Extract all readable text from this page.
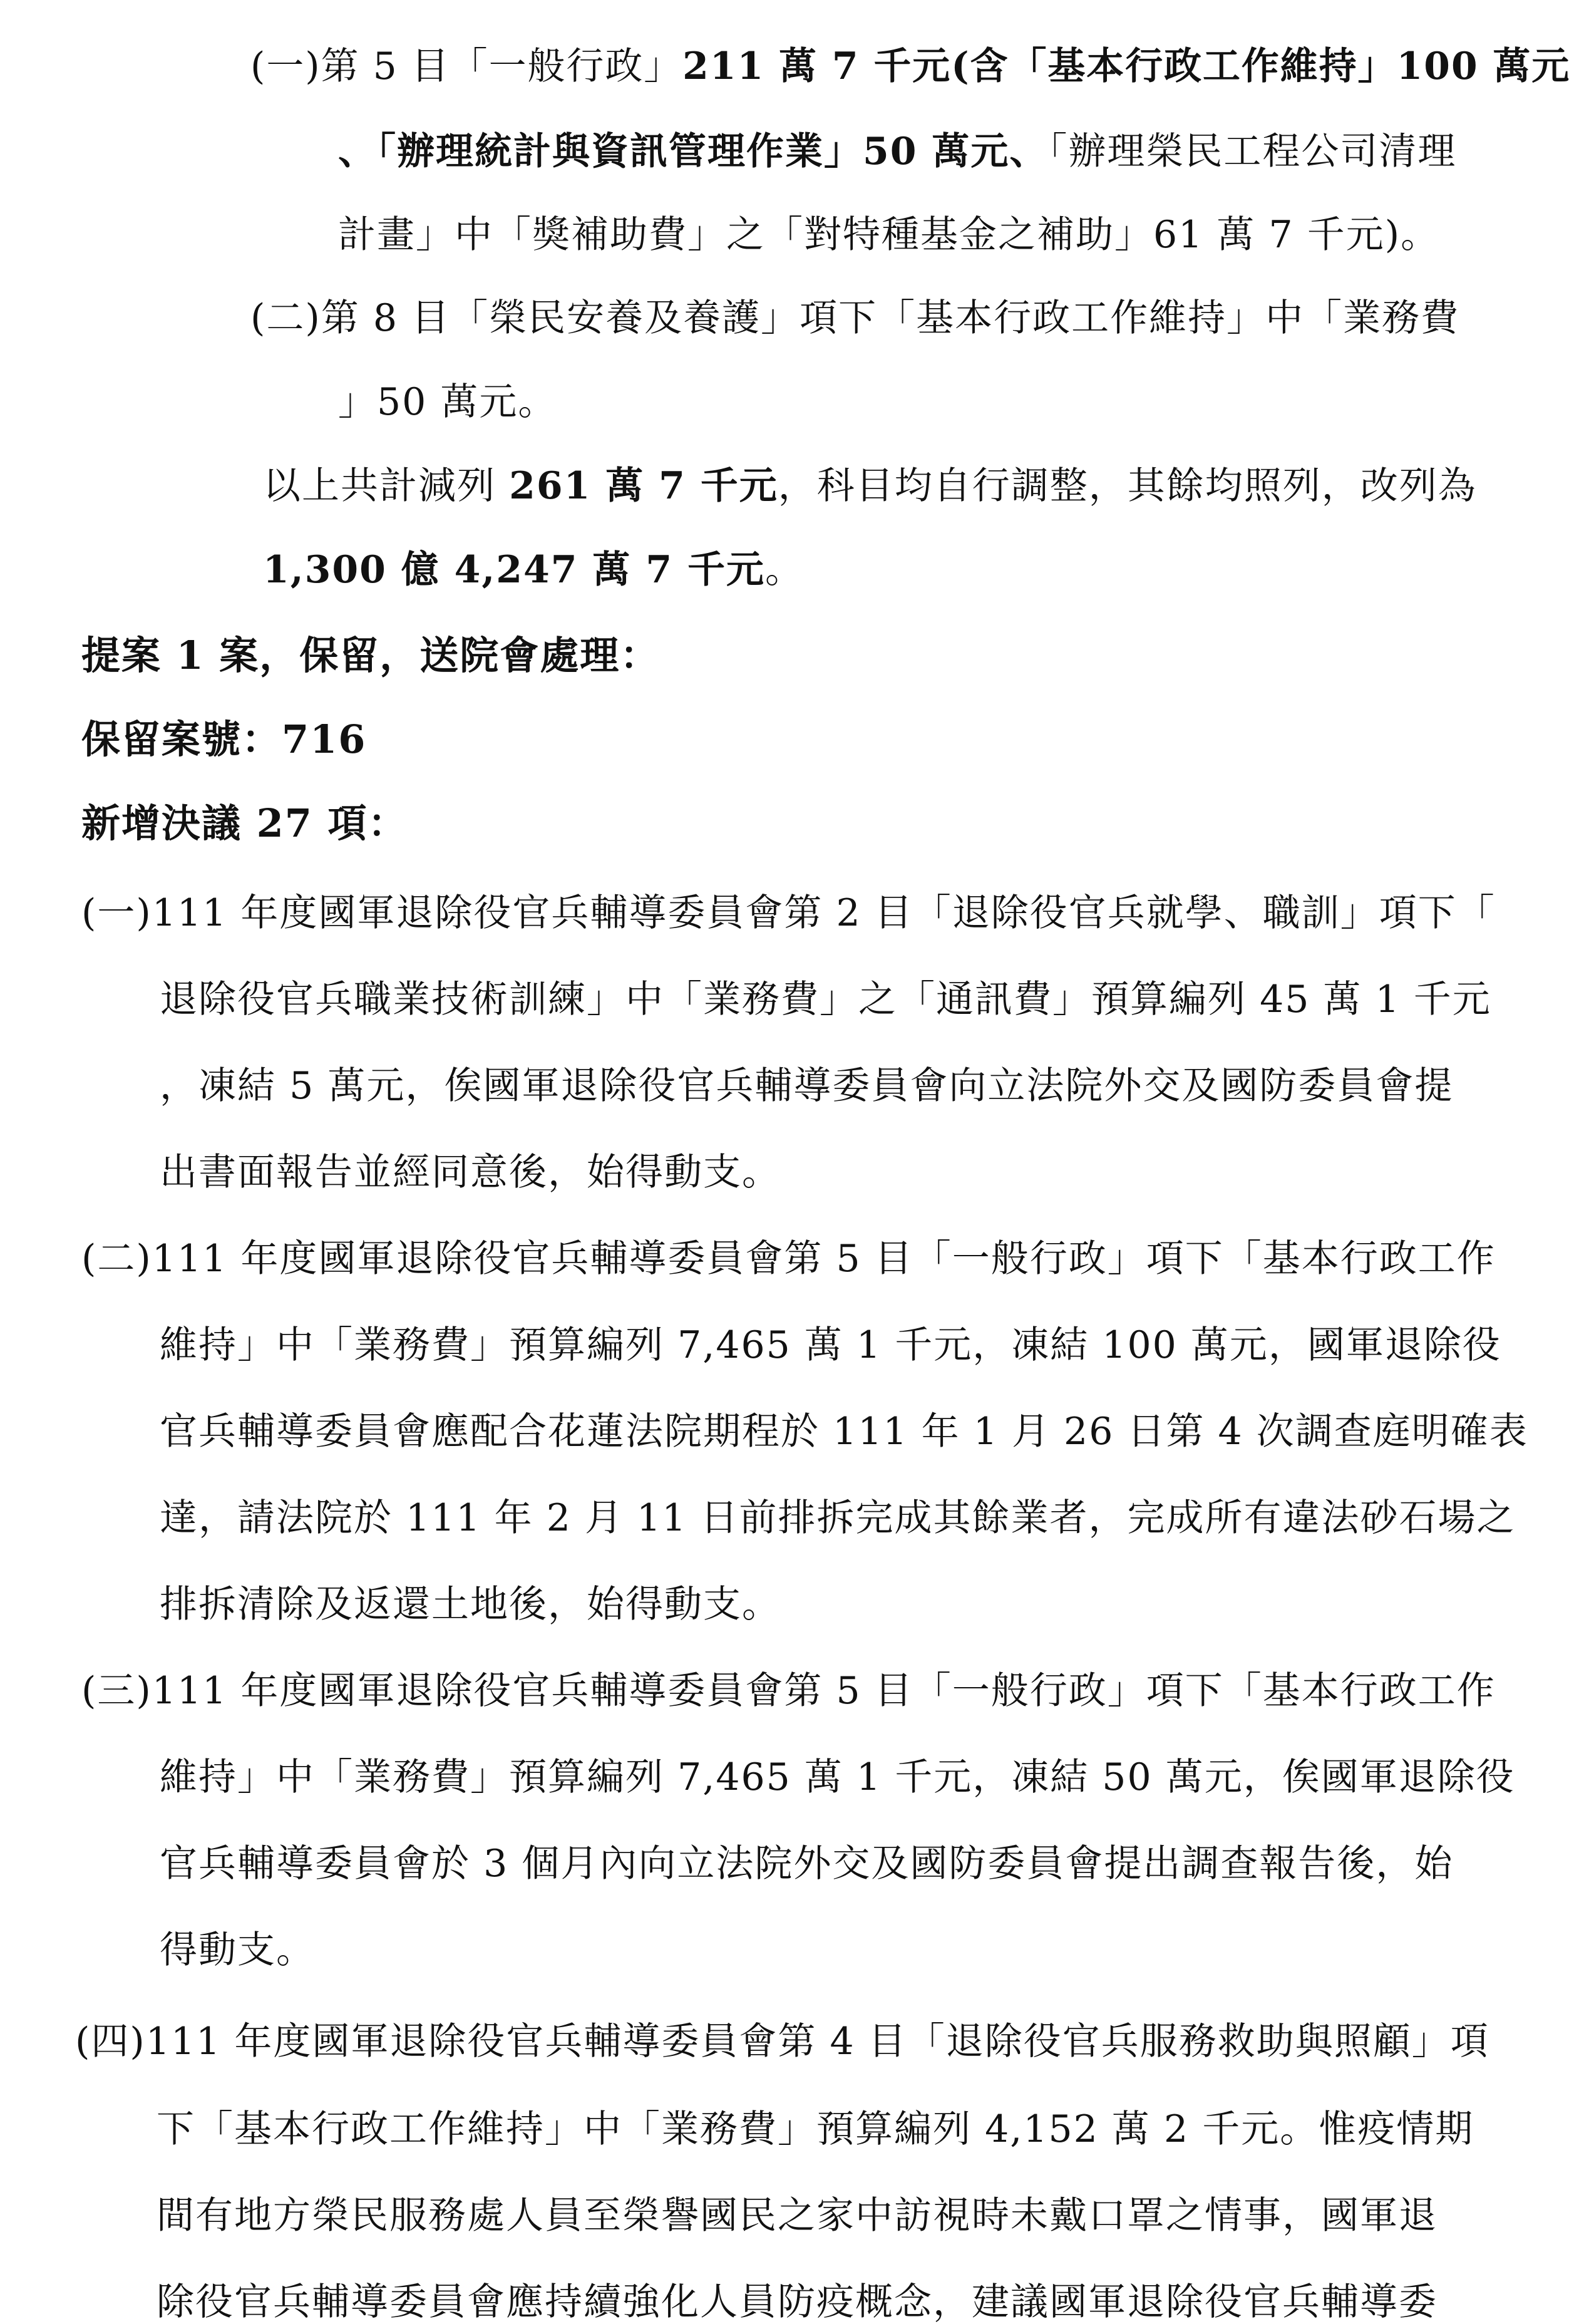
(一)第 5 目「一般行政」211 萬 7 千元(含「基本行政工作維持」100 萬元
、「辦理統計與資訊管理作業」50 萬元、「辦理榮民工程公司清理
計畫」中「獎補助費」之「對特種基金之補助」61 萬 7 千元)。
(二)第 8 目「榮民安養及養護」項下「基本行政工作維持」中「業務費
」50 萬元。
以上共計減列 261 萬 7 千元，科目均自行調整，其餘均照列，改列為
1,300 億 4,247 萬 7 千元。
提案 1 案，保留，送院會處理：
保留案號：716
新增決議 27 項：
(一)111 年度國軍退除役官兵輔導委員會第 2 目「退除役官兵就學、職訓」項下「
退除役官兵職業技術訓練」中「業務費」之「通訊費」預算編列 45 萬 1 千元
，凍結 5 萬元，俟國軍退除役官兵輔導委員會向立法院外交及國防委員會提
出書面報告並經同意後，始得動支。
(二)111 年度國軍退除役官兵輔導委員會第 5 目「一般行政」項下「基本行政工作
維持」中「業務費」預算編列 7,465 萬 1 千元，凍結 100 萬元，國軍退除役
官兵輔導委員會應配合花蓮法院期程於 111 年 1 月 26 日第 4 次調查庭明確表
達，請法院於 111 年 2 月 11 日前排拆完成其餘業者，完成所有違法砂石場之
排拆清除及返還土地後，始得動支。
(三)111 年度國軍退除役官兵輔導委員會第 5 目「一般行政」項下「基本行政工作
維持」中「業務費」預算編列 7,465 萬 1 千元，凍結 50 萬元，俟國軍退除役
官兵輔導委員會於 3 個月內向立法院外交及國防委員會提出調查報告後，始
得動支。
(四)111 年度國軍退除役官兵輔導委員會第 4 目「退除役官兵服務救助與照顧」項
下「基本行政工作維持」中「業務費」預算編列 4,152 萬 2 千元。惟疫情期
間有地方榮民服務處人員至榮譽國民之家中訪視時未戴口罩之情事，國軍退
除役官兵輔導委員會應持續強化人員防疫概念，建議國軍退除役官兵輔導委
